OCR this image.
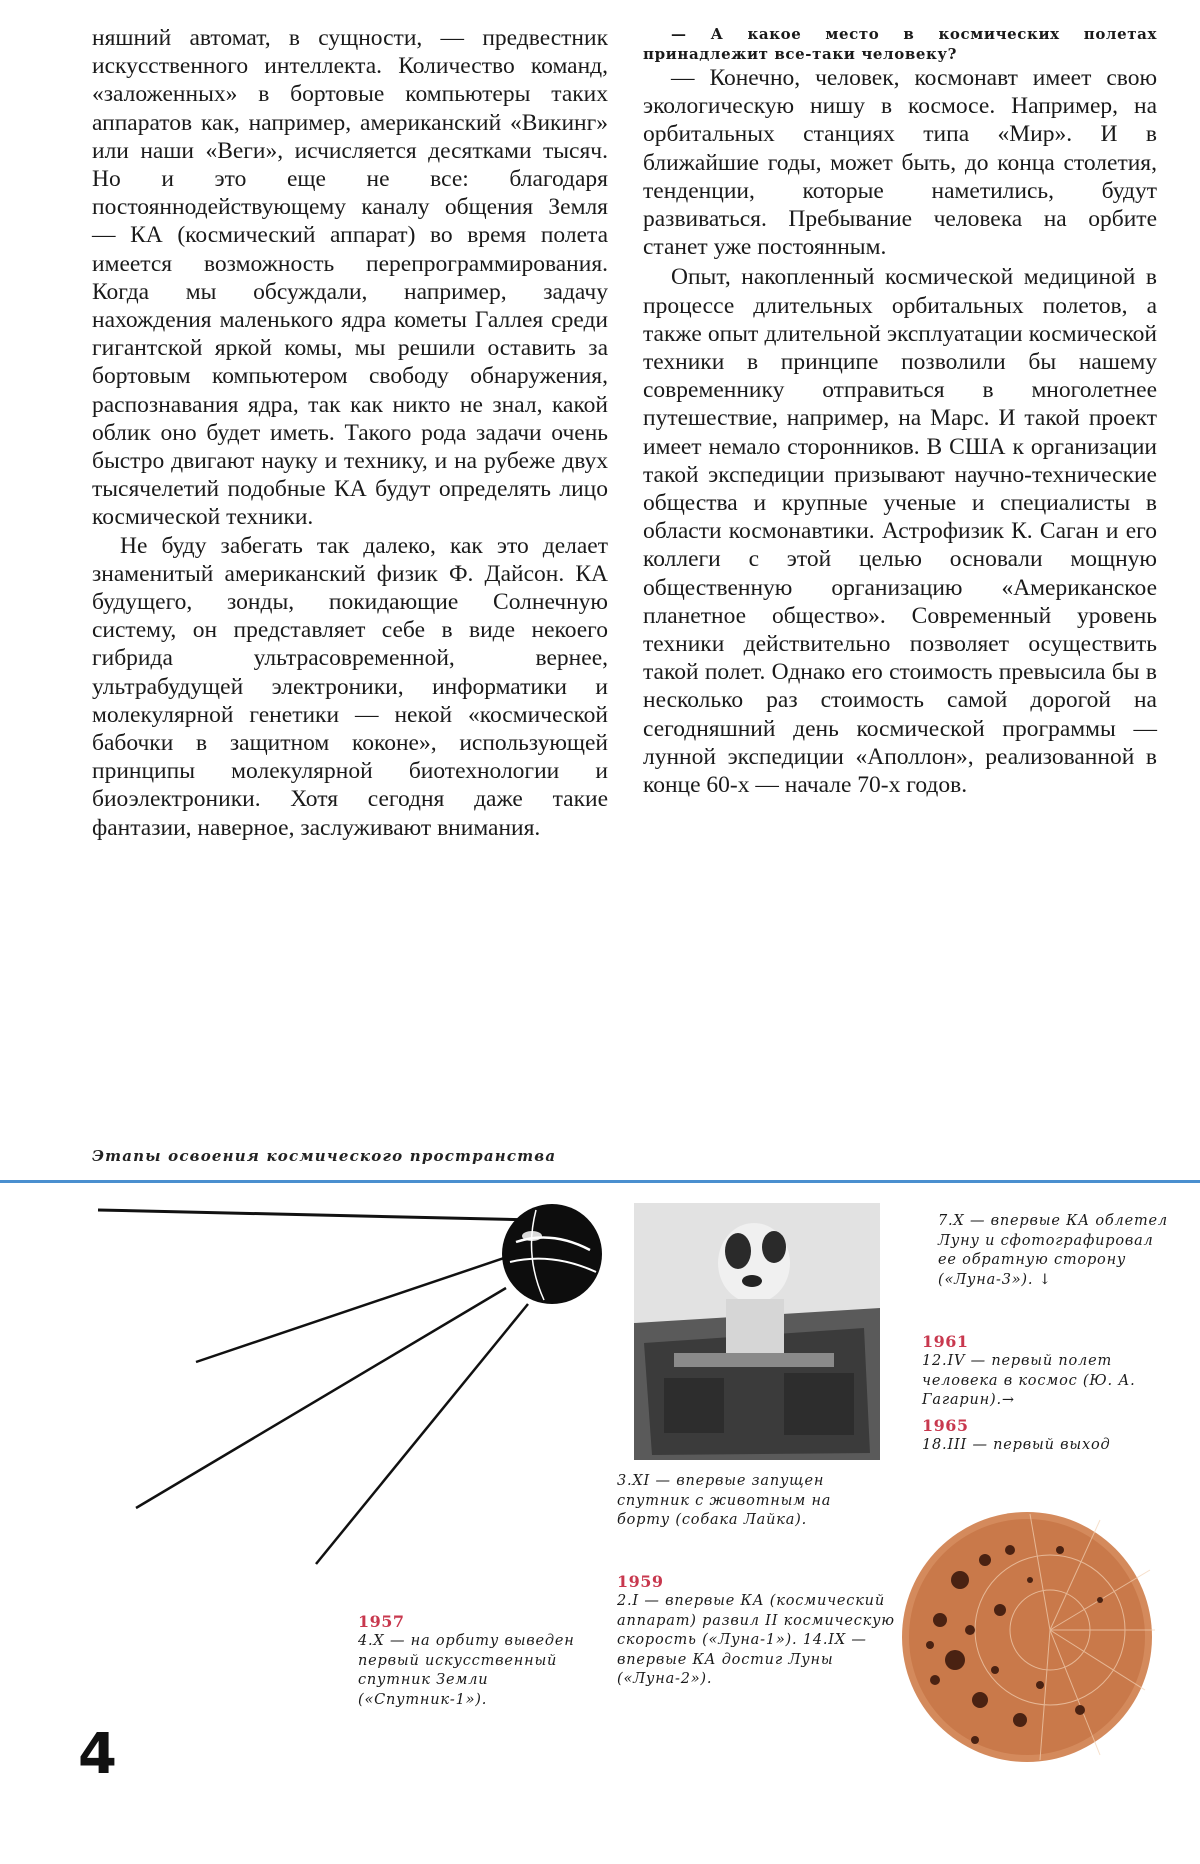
няшний автомат, в сущности, — предвестник искусственного интеллекта. Количество команд, «заложенных» в бортовые компьютеры таких аппаратов как, например, американский «Викинг» или наши «Веги», исчисляется десятками тысяч. Но и это еще не все: благодаря постояннодействующему каналу общения Земля — КА (космический аппарат) во время полета имеется возможность перепрограммирования. Когда мы обсуждали, например, задачу нахождения маленького ядра кометы Галлея среди гигантской яркой комы, мы решили оставить за бортовым компьютером свободу обнаружения, распознавания ядра, так как никто не знал, какой облик оно будет иметь. Такого рода задачи очень быстро двигают науку и технику, и на рубеже двух тысячелетий подобные КА будут определять лицо космической техники.

Не буду забегать так далеко, как это делает знаменитый американский физик Ф. Дайсон. КА будущего, зонды, покидающие Солнечную систему, он представляет себе в виде некоего гибрида ультрасовременной, вернее, ультрабудущей электроники, информатики и молекулярной генетики — некой «космической бабочки в защитном коконе», использующей принципы молекулярной биотехнологии и биоэлектроники. Хотя сегодня даже такие фантазии, наверное, заслуживают внимания.

— А какое место в космических полетах принадлежит все-таки человеку?

— Конечно, человек, космонавт имеет свою экологическую нишу в космосе. Например, на орбитальных станциях типа «Мир». И в ближайшие годы, может быть, до конца столетия, тенденции, которые наметились, будут развиваться. Пребывание человека на орбите станет уже постоянным.

Опыт, накопленный космической медициной в процессе длительных орбитальных полетов, а также опыт длительной эксплуатации космической техники в принципе позволили бы нашему современнику отправиться в многолетнее путешествие, например, на Марс. И такой проект имеет немало сторонников. В США к организации такой экспедиции призывают научно-технические общества и крупные ученые и специалисты в области космонавтики. Астрофизик К. Саган и его коллеги с этой целью основали мощную общественную организацию «Американское планетное общество». Современный уровень техники действительно позволяет осуществить такой полет. Однако его стоимость превысила бы в несколько раз стоимость самой дорогой на сегодняшний день космической программы — лунной экспедиции «Аполлон», реализованной в конце 60-х — начале 70-х годов.

Этапы освоения космического пространства

1957
4.X — на орбиту выведен первый искусственный спутник Земли («Спутник-1»).

3.XI — впервые запущен спутник с животным на борту (собака Лайка).

1959
2.I — впервые КА (космический аппарат) развил II космическую скорость («Луна-1»). 14.IX — впервые КА достиг Луны («Луна-2»).

7.X — впервые КА облетел Луну и сфотографировал ее обратную сторону («Луна-3»). ↓

1961
12.IV — первый полет человека в космос (Ю. А. Гагарин).→

1965
18.III — первый выход

4
